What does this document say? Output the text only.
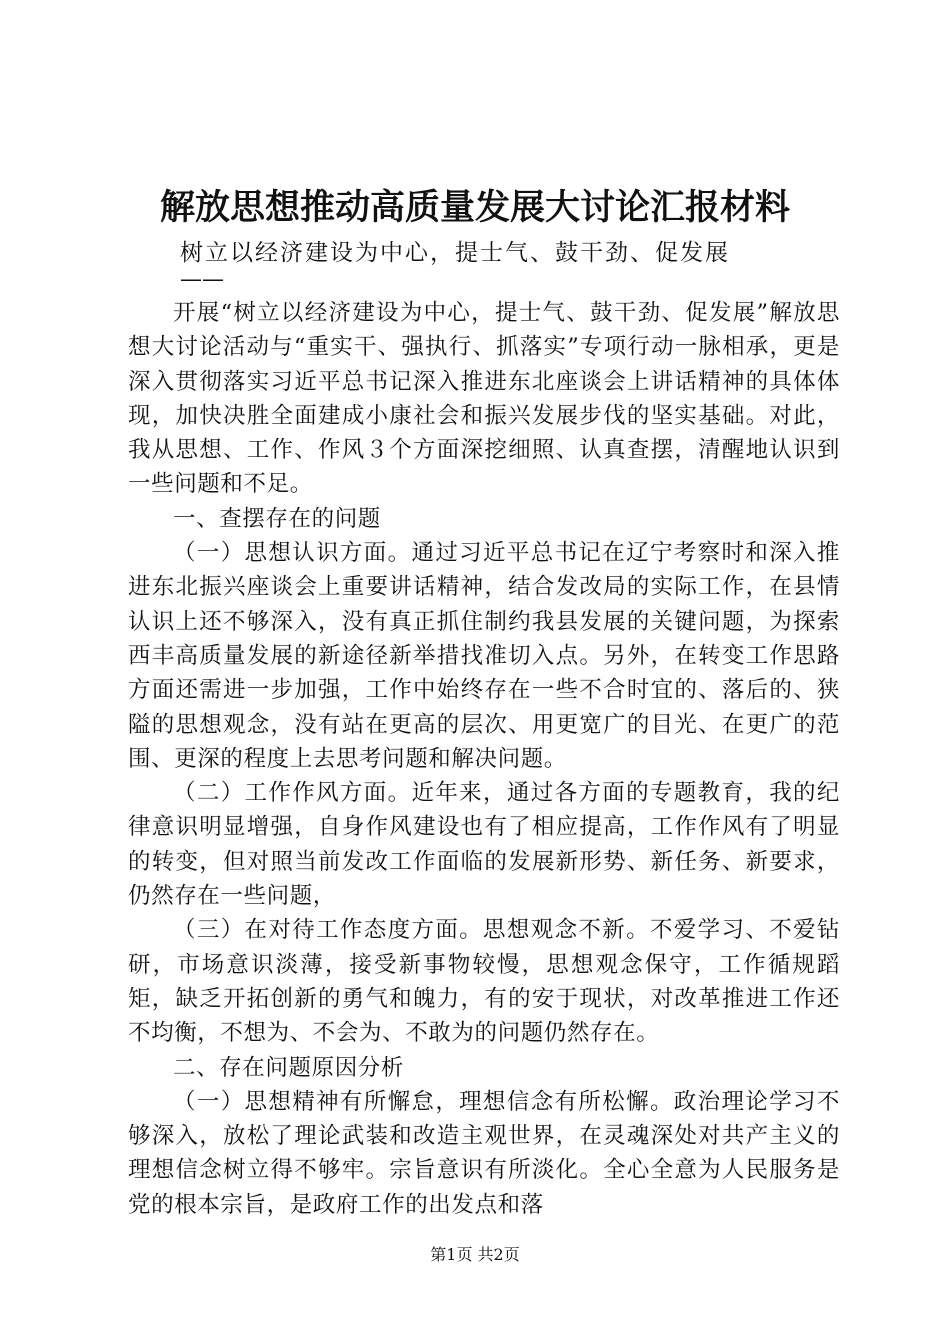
解放思想推动高质量发展大讨论汇报材料
树立以经济建设为中心，提士气、鼓干劲、促发展
——

开展“树立以经济建设为中心，提士气、鼓干劲、促发展”解放思想大讨论活动与“重实干、强执行、抓落实”专项行动一脉相承，更是深入贯彻落实习近平总书记深入推进东北座谈会上讲话精神的具体体现，加快决胜全面建成小康社会和振兴发展步伐的坚实基础。对此，我从思想、工作、作风３个方面深挖细照、认真查摆，清醒地认识到一些问题和不足。

一、查摆存在的问题

（一）思想认识方面。通过习近平总书记在辽宁考察时和深入推进东北振兴座谈会上重要讲话精神，结合发改局的实际工作，在县情认识上还不够深入，没有真正抓住制约我县发展的关键问题，为探索西丰高质量发展的新途径新举措找准切入点。另外，在转变工作思路方面还需进一步加强，工作中始终存在一些不合时宜的、落后的、狭隘的思想观念，没有站在更高的层次、用更宽广的目光、在更广的范围、更深的程度上去思考问题和解决问题。

（二）工作作风方面。近年来，通过各方面的专题教育，我的纪律意识明显增强，自身作风建设也有了相应提高，工作作风有了明显的转变，但对照当前发改工作面临的发展新形势、新任务、新要求，仍然存在一些问题，

（三）在对待工作态度方面。思想观念不新。不爱学习、不爱钻研，市场意识淡薄，接受新事物较慢，思想观念保守，工作循规蹈矩，缺乏开拓创新的勇气和魄力，有的安于现状，对改革推进工作还不均衡，不想为、不会为、不敢为的问题仍然存在。

二、存在问题原因分析

（一）思想精神有所懈怠，理想信念有所松懈。政治理论学习不够深入，放松了理论武装和改造主观世界，在灵魂深处对共产主义的理想信念树立得不够牢。宗旨意识有所淡化。全心全意为人民服务是党的根本宗旨，是政府工作的出发点和落

第1页 共2页
